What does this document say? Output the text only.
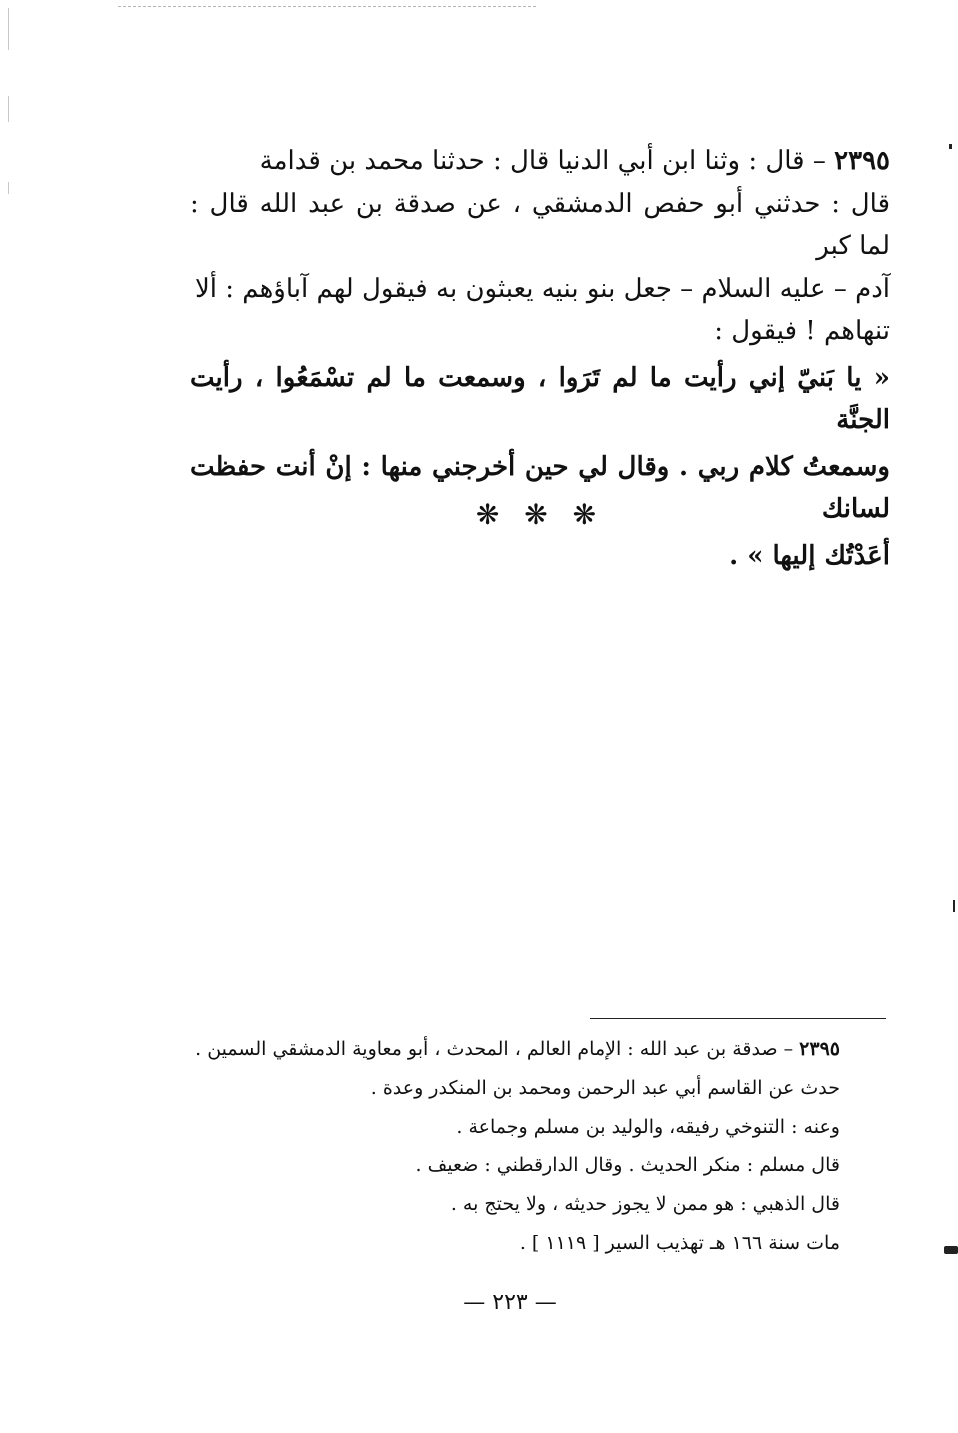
٢٣٩٥ – قال : وثنا ابن أبي الدنيا قال : حدثنا محمد بن قدامة

قال : حدثني أبو حفص الدمشقي ، عن صدقة بن عبد الله قال : لما كبر

آدم – عليه السلام – جعل بنو بنيه يعبثون به فيقول لهم آباؤهم : ألا

تنهاهم ! فيقول :

« يا بَنيّ إني رأيت ما لم تَرَوا ، وسمعت ما لم تسْمَعُوا ، رأيت الجنَّة

وسمعتُ كلام ربي . وقال لي حين أخرجني منها : إنْ أنت حفظت لسانك

أعَدْتُك إليها » .

❋ ❋ ❋

٢٣٩٥ – صدقة بن عبد الله : الإمام العالم ، المحدث ، أبو معاوية الدمشقي السمين .

حدث عن القاسم أبي عبد الرحمن ومحمد بن المنكدر وعدة .

وعنه : التنوخي رفيقه، والوليد بن مسلم وجماعة .

قال مسلم : منكر الحديث . وقال الدارقطني : ضعيف .

قال الذهبي : هو ممن لا يجوز حديثه ، ولا يحتج به .

مات سنة ١٦٦ هـ تهذيب السير [ ١١١٩ ] .

— ٢٢٣ —
